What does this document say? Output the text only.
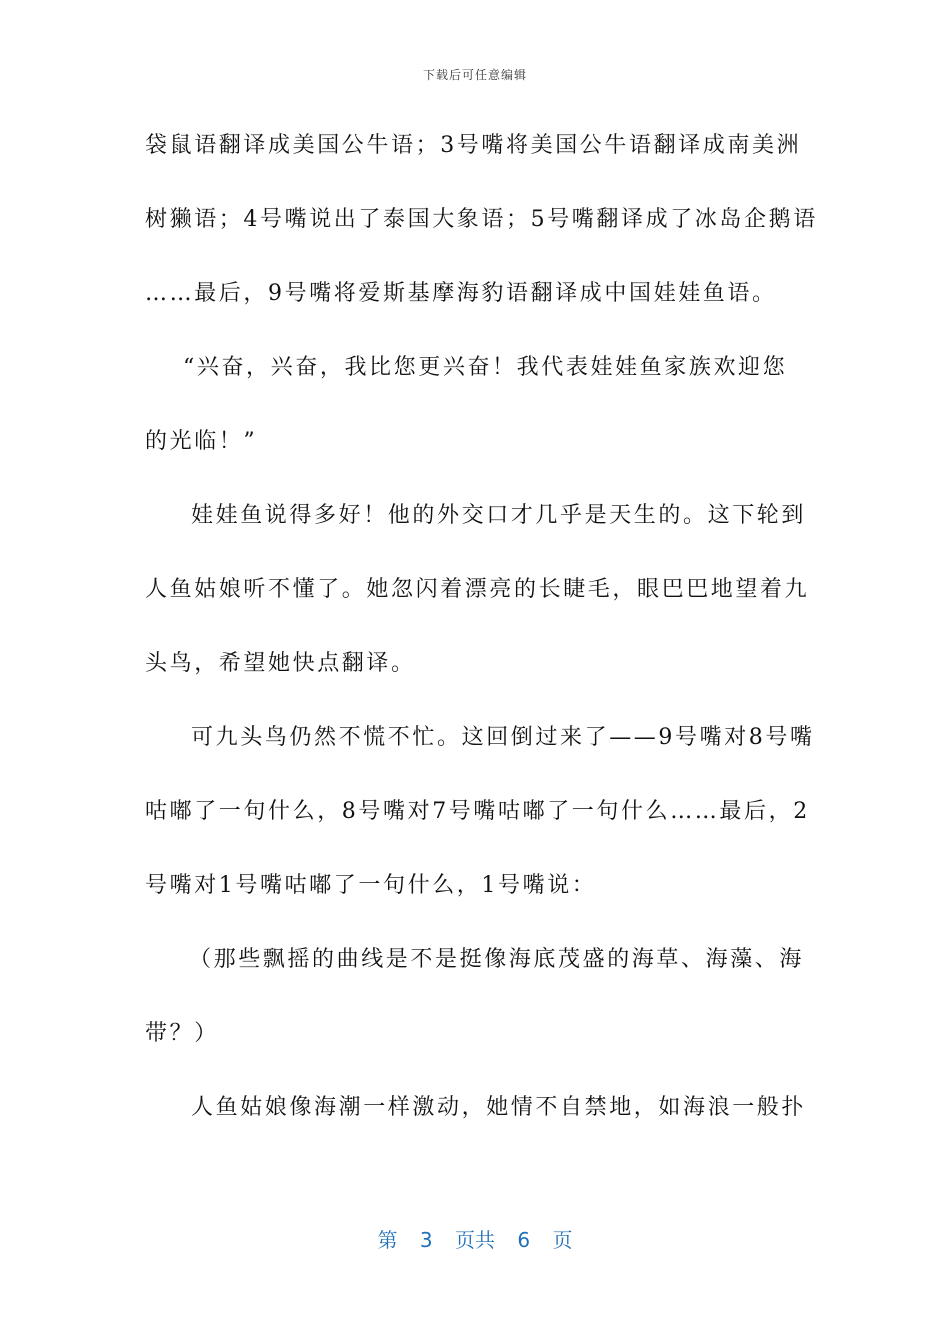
下载后可任意编辑
袋鼠语翻译成美国公牛语；3号嘴将美国公牛语翻译成南美洲
树獭语；4号嘴说出了泰国大象语；5号嘴翻译成了冰岛企鹅语
……最后，9号嘴将爱斯基摩海豹语翻译成中国娃娃鱼语。
“兴奋，兴奋，我比您更兴奋！我代表娃娃鱼家族欢迎您
的光临！”
娃娃鱼说得多好！他的外交口才几乎是天生的。这下轮到
人鱼姑娘听不懂了。她忽闪着漂亮的长睫毛，眼巴巴地望着九
头鸟，希望她快点翻译。
可九头鸟仍然不慌不忙。这回倒过来了——9号嘴对8号嘴
咕嘟了一句什么，8号嘴对7号嘴咕嘟了一句什么……最后，2
号嘴对1号嘴咕嘟了一句什么，1号嘴说：
（那些飘摇的曲线是不是挺像海底茂盛的海草、海藻、海
带？）
人鱼姑娘像海潮一样激动，她情不自禁地，如海浪一般扑
第 3 页共 6 页
